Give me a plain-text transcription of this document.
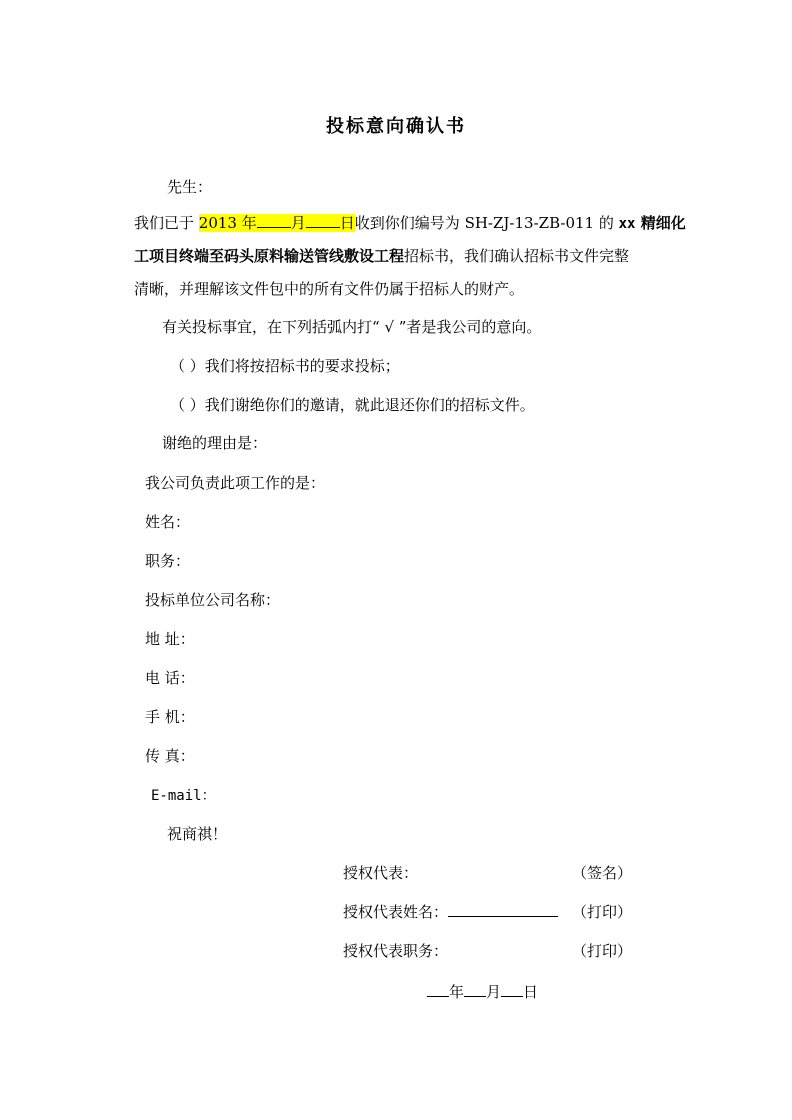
投标意向确认书
先生：
我们已于 2013 年 月 日收到你们编号为 SH-ZJ-13-ZB-011 的 xx 精细化
工项目终端至码头原料输送管线敷设工程招标书，我们确认招标书文件完整
清晰，并理解该文件包中的所有文件仍属于招标人的财产。
有关投标事宜，在下列括弧内打“ √ ”者是我公司的意向。
（ ）我们将按招标书的要求投标；
（ ）我们谢绝你们的邀请，就此退还你们的招标文件。
谢绝的理由是：
我公司负责此项工作的是：
姓名：
职务：
投标单位公司名称：
地 址：
电 话：
手 机：
传 真：
E-mail：
祝商祺！
授权代表：	（签名）
授权代表姓名：	（打印）
授权代表职务：	（打印）
年 月 日
